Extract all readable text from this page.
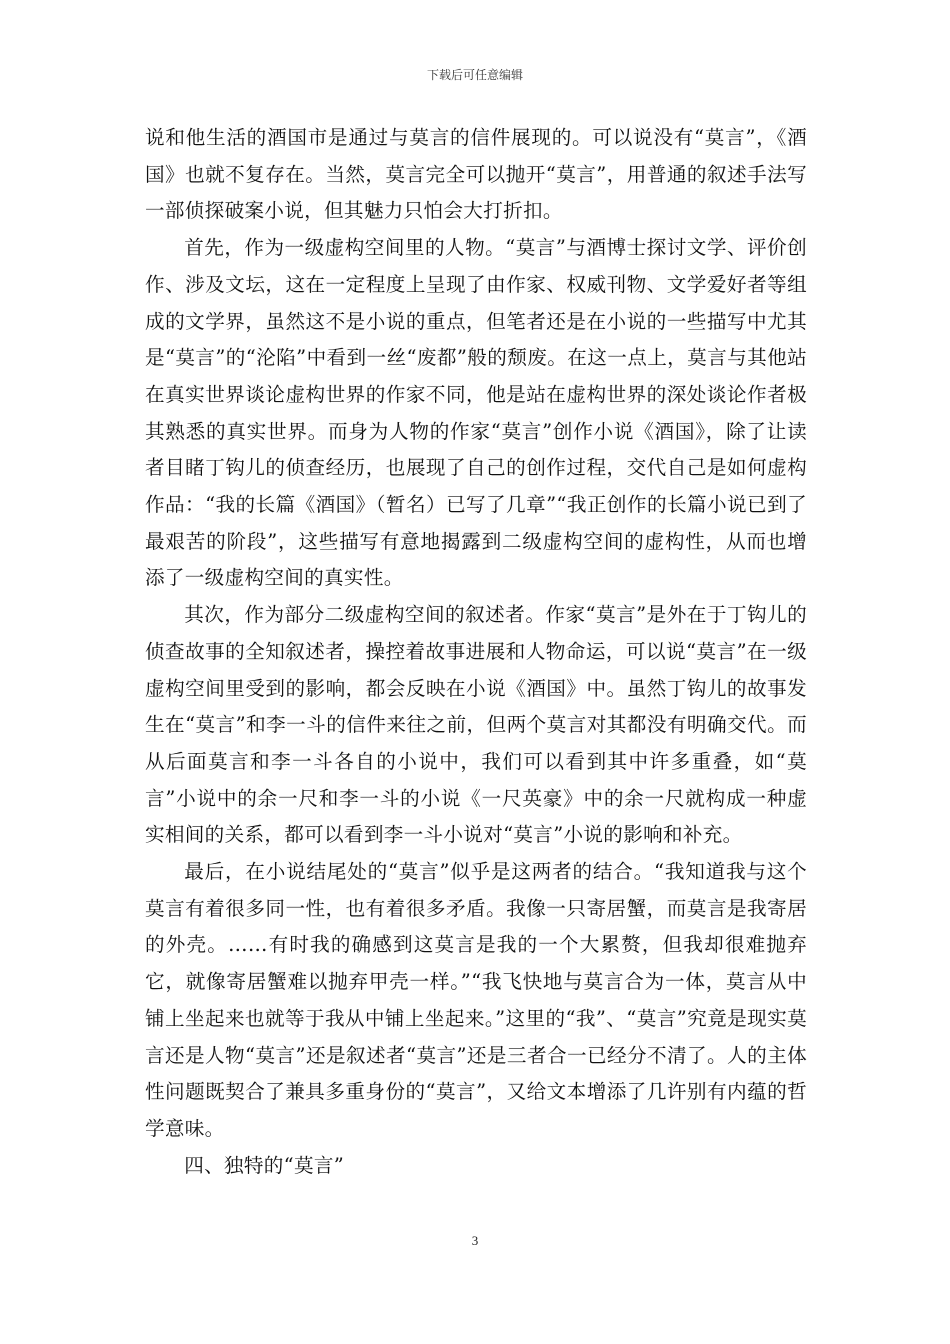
下载后可任意编辑

说和他生活的酒国市是通过与莫言的信件展现的。可以说没有“莫言”，《酒国》也就不复存在。当然，莫言完全可以抛开“莫言”，用普通的叙述手法写一部侦探破案小说，但其魅力只怕会大打折扣。

首先，作为一级虚构空间里的人物。“莫言”与酒博士探讨文学、评价创作、涉及文坛，这在一定程度上呈现了由作家、权威刊物、文学爱好者等组成的文学界，虽然这不是小说的重点，但笔者还是在小说的一些描写中尤其是“莫言”的“沦陷”中看到一丝“废都”般的颓废。在这一点上，莫言与其他站在真实世界谈论虚构世界的作家不同，他是站在虚构世界的深处谈论作者极其熟悉的真实世界。而身为人物的作家“莫言”创作小说《酒国》，除了让读者目睹丁钩儿的侦查经历，也展现了自己的创作过程，交代自己是如何虚构作品：“我的长篇《酒国》（暂名）已写了几章”“我正创作的长篇小说已到了最艰苦的阶段”，这些描写有意地揭露到二级虚构空间的虚构性，从而也增添了一级虚构空间的真实性。

其次，作为部分二级虚构空间的叙述者。作家“莫言”是外在于丁钩儿的侦查故事的全知叙述者，操控着故事进展和人物命运，可以说“莫言”在一级虚构空间里受到的影响，都会反映在小说《酒国》中。虽然丁钩儿的故事发生在“莫言”和李一斗的信件来往之前，但两个莫言对其都没有明确交代。而从后面莫言和李一斗各自的小说中，我们可以看到其中许多重叠，如“莫言”小说中的余一尺和李一斗的小说《一尺英豪》中的余一尺就构成一种虚实相间的关系，都可以看到李一斗小说对“莫言”小说的影响和补充。

最后，在小说结尾处的“莫言”似乎是这两者的结合。“我知道我与这个莫言有着很多同一性，也有着很多矛盾。我像一只寄居蟹，而莫言是我寄居的外壳。……有时我的确感到这莫言是我的一个大累赘，但我却很难抛弃它，就像寄居蟹难以抛弃甲壳一样。”“我飞快地与莫言合为一体，莫言从中铺上坐起来也就等于我从中铺上坐起来。”这里的“我”、“莫言”究竟是现实莫言还是人物“莫言”还是叙述者“莫言”还是三者合一已经分不清了。人的主体性问题既契合了兼具多重身份的“莫言”，又给文本增添了几许别有内蕴的哲学意味。

四、独特的“莫言”

3
